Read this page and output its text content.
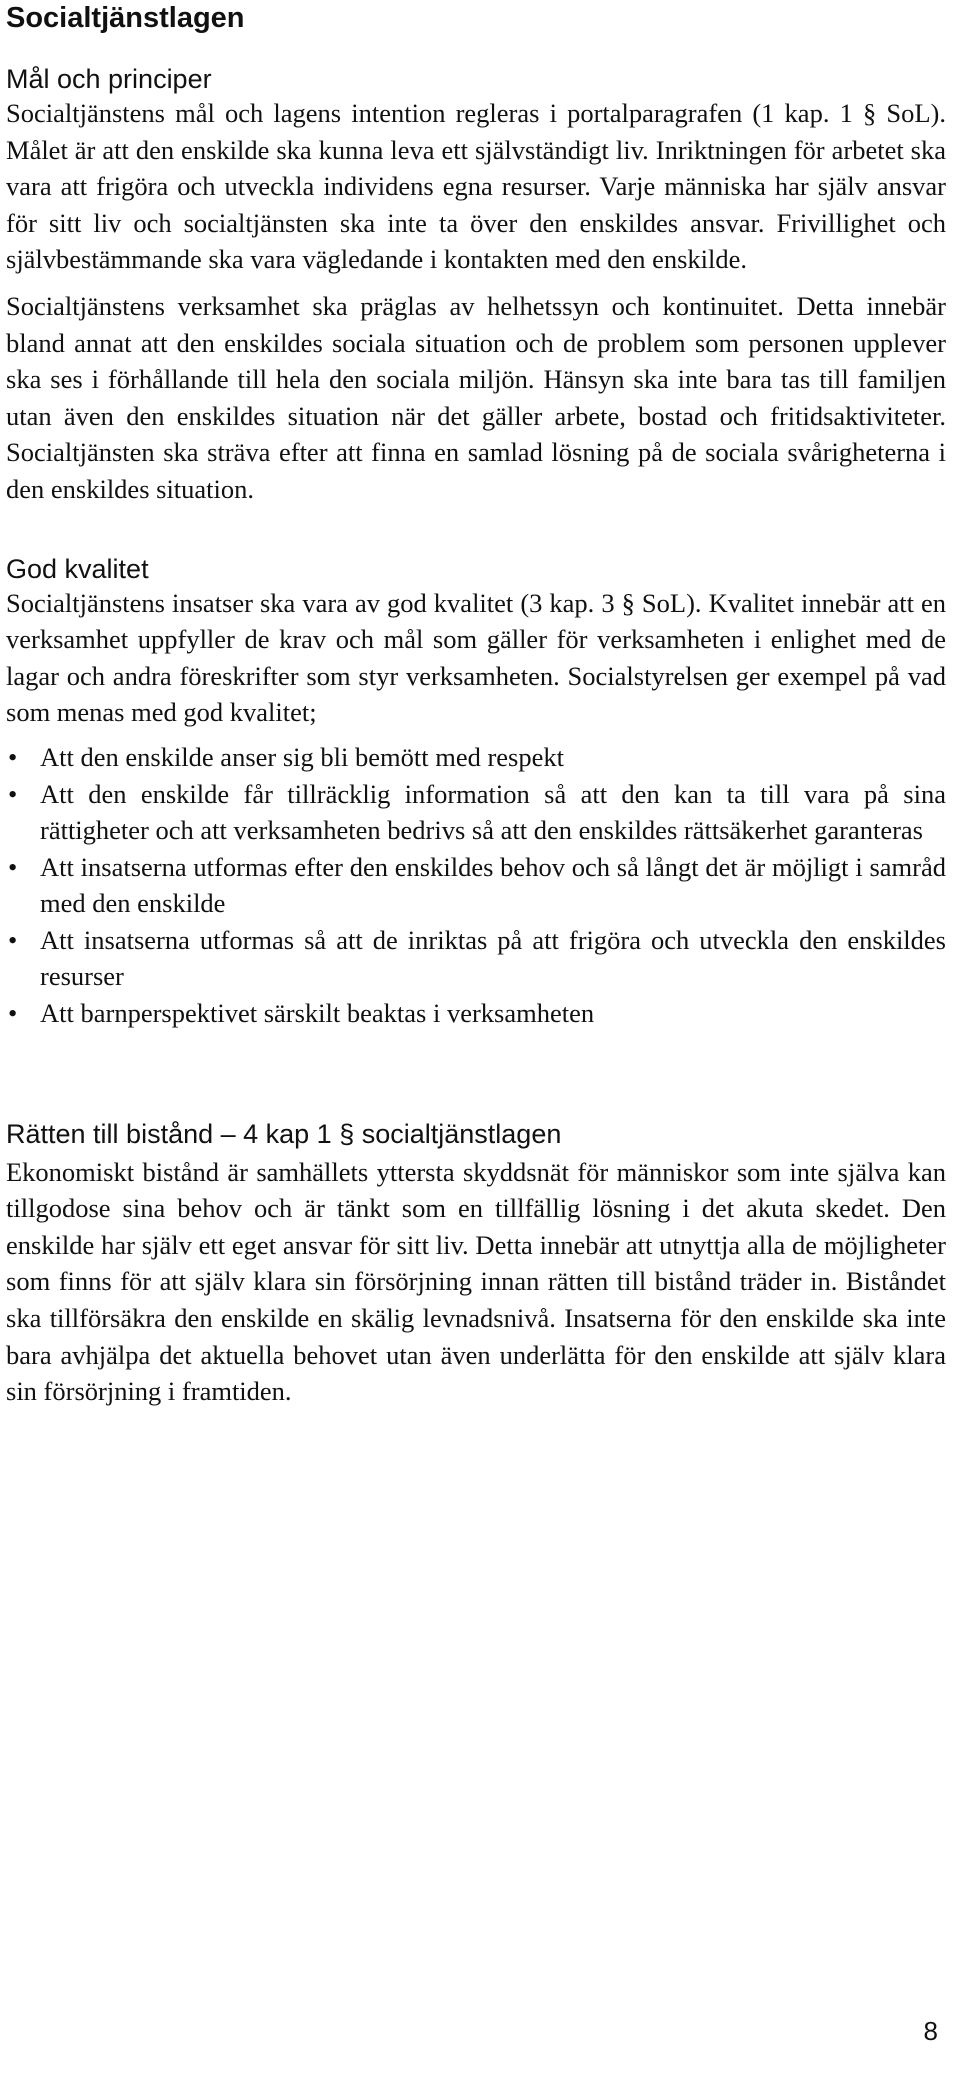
Socialtjänstlagen
Mål och principer

Socialtjänstens mål och lagens intention regleras i portalparagrafen (1 kap. 1 § SoL). Målet är att den enskilde ska kunna leva ett självständigt liv. Inriktningen för arbetet ska vara att frigöra och utveckla individens egna resurser. Varje människa har själv ansvar för sitt liv och socialtjänsten ska inte ta över den enskildes ansvar. Frivillighet och självbestämmande ska vara vägledande i kontakten med den enskilde.

Socialtjänstens verksamhet ska präglas av helhetssyn och kontinuitet. Detta innebär bland annat att den enskildes sociala situation och de problem som personen upplever ska ses i förhållande till hela den sociala miljön. Hänsyn ska inte bara tas till familjen utan även den enskildes situation när det gäller arbete, bostad och fritidsaktiviteter. Socialtjänsten ska sträva efter att finna en samlad lösning på de sociala svårigheterna i den enskildes situation.

God kvalitet

Socialtjänstens insatser ska vara av god kvalitet (3 kap. 3 § SoL). Kvalitet innebär att en verksamhet uppfyller de krav och mål som gäller för verksamheten i enlighet med de lagar och andra föreskrifter som styr verksamheten. Socialstyrelsen ger exempel på vad som menas med god kvalitet;

• Att den enskilde anser sig bli bemött med respekt
• Att den enskilde får tillräcklig information så att den kan ta till vara på sina rättigheter och att verksamheten bedrivs så att den enskildes rättsäkerhet garanteras
• Att insatserna utformas efter den enskildes behov och så långt det är möjligt i samråd med den enskilde
• Att insatserna utformas så att de inriktas på att frigöra och utveckla den enskildes resurser
• Att barnperspektivet särskilt beaktas i verksamheten
Rätten till bistånd – 4 kap 1 § socialtjänstlagen

Ekonomiskt bistånd är samhällets yttersta skyddsnät för människor som inte själva kan tillgodose sina behov och är tänkt som en tillfällig lösning i det akuta skedet. Den enskilde har själv ett eget ansvar för sitt liv. Detta innebär att utnyttja alla de möjligheter som finns för att själv klara sin försörjning innan rätten till bistånd träder in. Biståndet ska tillförsäkra den enskilde en skälig levnadsnivå. Insatserna för den enskilde ska inte bara avhjälpa det aktuella behovet utan även underlätta för den enskilde att själv klara sin försörjning i framtiden.

8
